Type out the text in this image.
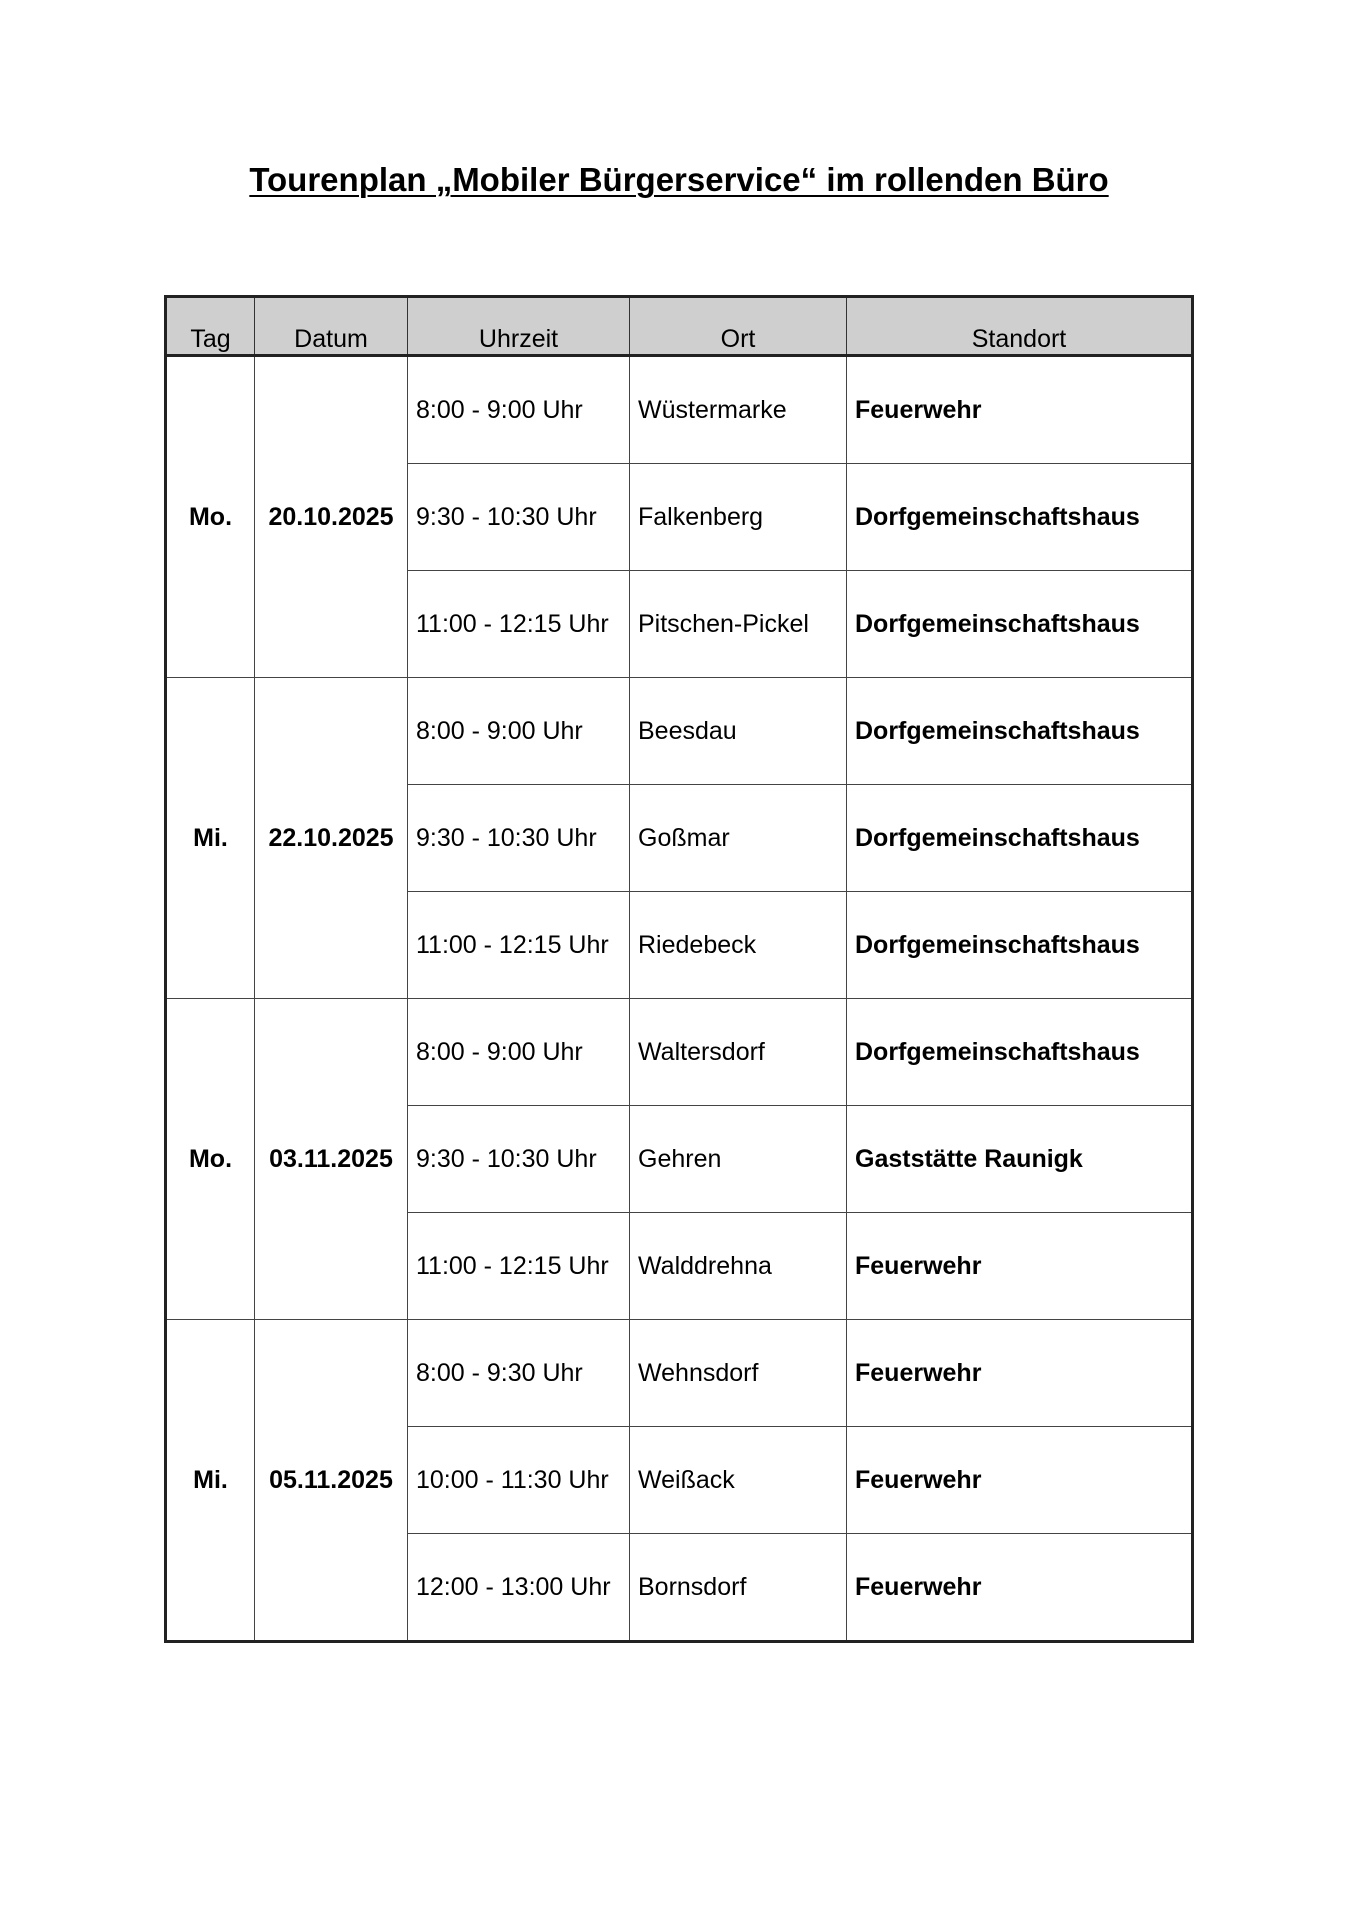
Tourenplan „Mobiler Bürgerservice“ im rollenden Büro
Tag	Datum	Uhrzeit	Ort	Standort
Mo.	20.10.2025	8:00 - 9:00 Uhr	Wüstermarke	Feuerwehr
		9:30 - 10:30 Uhr	Falkenberg	Dorfgemeinschaftshaus
		11:00 - 12:15 Uhr	Pitschen-Pickel	Dorfgemeinschaftshaus
Mi.	22.10.2025	8:00 - 9:00 Uhr	Beesdau	Dorfgemeinschaftshaus
		9:30 - 10:30 Uhr	Goßmar	Dorfgemeinschaftshaus
		11:00 - 12:15 Uhr	Riedebeck	Dorfgemeinschaftshaus
Mo.	03.11.2025	8:00 - 9:00 Uhr	Waltersdorf	Dorfgemeinschaftshaus
		9:30 - 10:30 Uhr	Gehren	Gaststätte Raunigk
		11:00 - 12:15 Uhr	Walddrehna	Feuerwehr
Mi.	05.11.2025	8:00 - 9:30 Uhr	Wehnsdorf	Feuerwehr
		10:00 - 11:30 Uhr	Weißack	Feuerwehr
		12:00 - 13:00 Uhr	Bornsdorf	Feuerwehr
